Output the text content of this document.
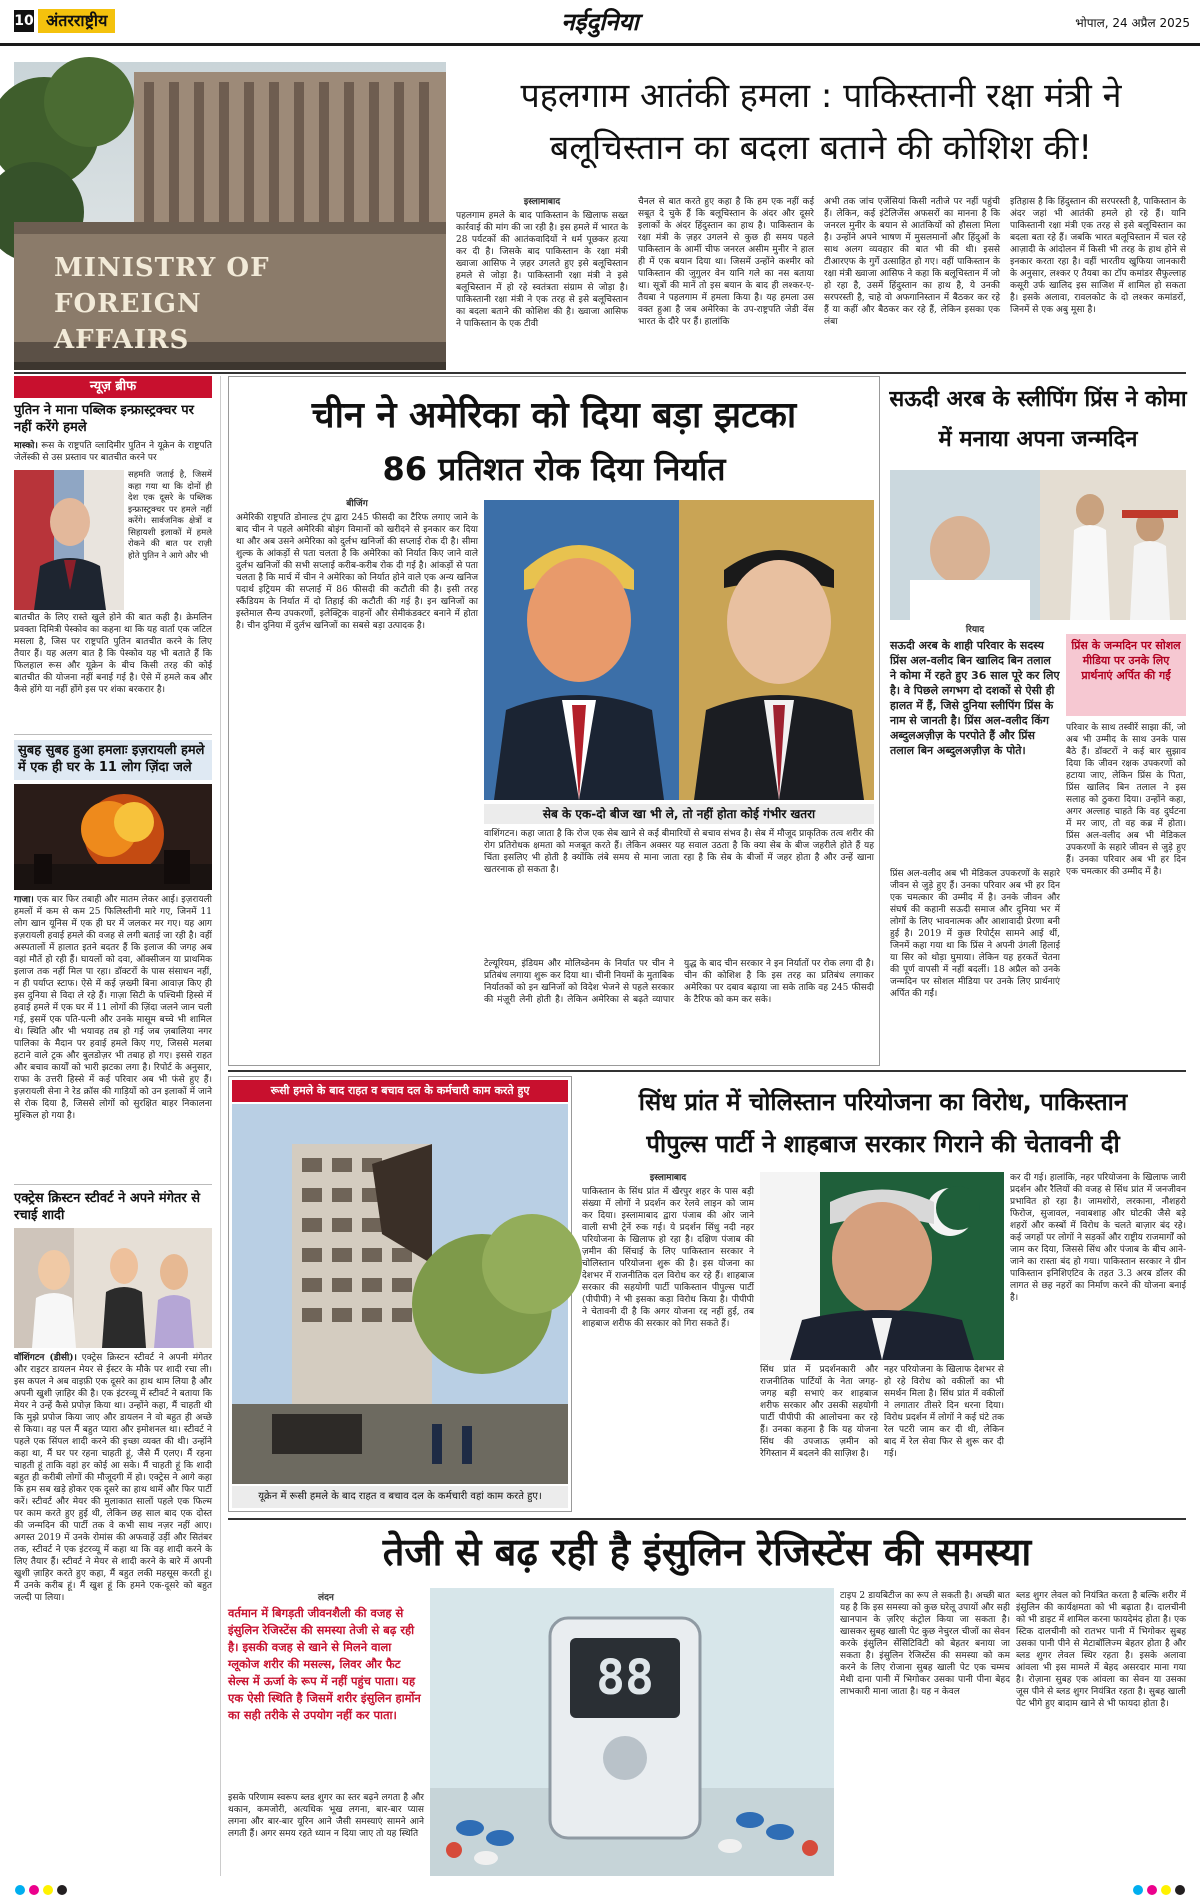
10 अंतरराष्ट्रीय	नईदुनिया	भोपाल, 24 अप्रैल 2025
MINISTRY OF FOREIGN AFFAIRS
पहलगाम आतंकी हमला : पाकिस्तानी रक्षा मंत्री ने बलूचिस्तान का बदला बताने की कोशिश की!
इस्लामाबाद

पहलगाम हमले के बाद पाकिस्तान के खिलाफ सख्त कार्रवाई की मांग की जा रही है। इस हमले में भारत के 28 पर्यटकों की आतंकवादियों ने धर्म पूछकर हत्या कर दी है। जिसके बाद पाकिस्तान के रक्षा मंत्री ख्वाजा आसिफ ने ज़हर उगलते हुए इसे बलूचिस्तान हमले से जोड़ा है। पाकिस्तानी रक्षा मंत्री ने इसे बलूचिस्तान में हो रहे स्वतंत्रता संग्राम से जोड़ा है। पाकिस्तानी रक्षा मंत्री ने एक तरह से इसे बलूचिस्तान का बदला बताने की कोशिश की है। ख्वाजा आसिफ ने पाकिस्तान के एक टीवी

चैनल से बात करते हुए कहा है कि हम एक नहीं कई सबूत दे चुके हैं कि बलूचिस्तान के अंदर और दूसरे इलाकों के अंदर हिंदुस्तान का हाथ है। पाकिस्तान के रक्षा मंत्री के ज़हर उगलने से कुछ ही समय पहले पाकिस्तान के आर्मी चीफ जनरल असीम मुनीर ने हाल ही में एक बयान दिया था। जिसमें उन्होंने कश्मीर को पाकिस्तान की जुगुलर वेन यानि गले का नस बताया था। सूत्रों की मानें तो इस बयान के बाद ही लश्कर-ए-तैयबा ने पहलगाम में हमला किया है। यह हमला उस वक्त हुआ है जब अमेरिका के उप-राष्ट्रपति जेडी वेंस भारत के दौरे पर हैं। हालांकि

अभी तक जांच एजेंसियां किसी नतीजे पर नहीं पहुंची हैं। लेकिन, कई इंटेलिजेंस अफसरों का मानना है कि जनरल मुनीर के बयान से आतंकियों को हौसला मिला है। उन्होंने अपने भाषण में मुसलमानों और हिंदुओं के साथ अलग व्यवहार की बात भी की थी। इससे टीआरएफ के गुर्गे उत्साहित हो गए। वहीं पाकिस्तान के रक्षा मंत्री ख्वाजा आसिफ ने कहा कि बलूचिस्तान में जो हो रहा है, उसमें हिंदुस्तान का हाथ है, ये उनकी सरपरस्ती है, चाहे वो अफगानिस्तान में बैठकर कर रहे हैं या कहीं और बैठकर कर रहे हैं, लेकिन इसका एक लंबा

इतिहास है कि हिंदुस्तान की सरपरस्ती है, पाकिस्तान के अंदर जहां भी आतंकी हमले हो रहे हैं। यानि पाकिस्तानी रक्षा मंत्री एक तरह से इसे बलूचिस्तान का बदला बता रहे हैं। जबकि भारत बलूचिस्तान में चल रहे आज़ादी के आंदोलन में किसी भी तरह के हाथ होने से इनकार करता रहा है। वहीं भारतीय खुफिया जानकारी के अनुसार, लश्कर ए तैयबा का टॉप कमांडर सैफुल्लाह कसूरी उर्फ खालिद इस साजिश में शामिल हो सकता है। इसके अलावा, रावलकोट के दो लश्कर कमांडरों, जिनमें से एक अबु मूसा है।

न्यूज़ ब्रीफ
पुतिन ने माना पब्लिक इन्फ्रास्ट्रक्चर पर नहीं करेंगे हमले
मास्को। रूस के राष्ट्रपति व्लादिमीर पुतिन ने यूक्रेन के राष्ट्रपति जेलेंस्की से उस प्रस्ताव पर बातचीत करने पर
सहमति जताई है, जिसमें कहा गया था कि दोनों ही देश एक दूसरे के पब्लिक इन्फ्रास्ट्रक्चर पर हमले नहीं करेंगे। सार्वजनिक क्षेत्रों व सिहायशी इलाकों में हमले रोकने की बात पर राज़ी होते पुतिन ने आगे और भी
बातचीत के लिए रास्ते खुले होने की बात कही है। क्रेमलिन प्रवक्ता दिमित्री पेस्कोव का कहना था कि यह वार्ता एक जटिल मसला है, जिस पर राष्ट्रपति पुतिन बातचीत करने के लिए तैयार हैं। यह अलग बात है कि पेस्कोव यह भी बताते हैं कि फिलहाल रूस और यूक्रेन के बीच किसी तरह की कोई बातचीत की योजना नहीं बनाई गई है। ऐसे में हमले कब और कैसे होंगे या नहीं होंगे इस पर शंका बरकरार है।
सुबह सुबह हुआ हमलाः इज़रायली हमले में एक ही घर के 11 लोग ज़िंदा जले
गाजा। एक बार फिर तबाही और मातम लेकर आई। इज़रायली हमलों में कम से कम 25 फिलिस्तीनी मारे गए, जिनमें 11 लोग खान यूनिस में एक ही घर में जलकर मर गए। यह आग इज़रायली हवाई हमले की वजह से लगी बताई जा रही है। वहीं अस्पतालों में हालात इतने बदतर हैं कि इलाज की जगह अब वहां मौतें हो रही हैं। घायलों को दवा, ऑक्सीजन या प्राथमिक इलाज तक नहीं मिल पा रहा। डॉक्टरों के पास संसाधन नहीं, न ही पर्याप्त स्टाफ। ऐसे में कई ज़ख्मी बिना आवाज़ किए ही इस दुनिया से विदा ले रहे हैं। गाज़ा सिटी के पश्चिमी हिस्से में हवाई हमले में एक घर में 11 लोगों की ज़िंदा जलने जान चली गई, इसमें एक पति-पत्नी और उनके मासूम बच्चे भी शामिल थे। स्थिति और भी भयावह तब हो गई जब ज़बालिया नगर पालिका के मैदान पर हवाई हमले किए गए, जिससे मलबा हटाने वाले ट्रक और बुलडोज़र भी तबाह हो गए। इससे राहत और बचाव कार्यों को भारी झटका लगा है। रिपोर्ट के अनुसार, राफा के उत्तरी हिस्से में कई परिवार अब भी फंसे हुए हैं। इज़रायली सेना ने रेड क्रॉस की गाड़ियों को उन इलाकों में जाने से रोक दिया है, जिससे लोगों को सुरक्षित बाहर निकालना मुश्किल हो गया है।
एक्ट्रेस क्रिस्टन स्टीवर्ट ने अपने मंगेतर से रचाई शादी
वॉशिंगटन (डीसी)। एक्ट्रेस क्रिस्टन स्टीवर्ट ने अपनी मंगेतर और राइटर डायलन मेयर से ईस्टर के मौके पर शादी रचा ली। इस कपल ने अब वाइफ़ी एक दूसरे का हाथ थाम लिया है और अपनी खुशी ज़ाहिर की है। एक इंटरव्यू में स्टीवर्ट ने बताया कि मेयर ने उन्हें कैसे प्रपोज़ किया था। उन्होंने कहा, मैं चाहती थी कि मुझे प्रपोज किया जाए और डायलन ने वो बहुत ही अच्छे से किया। वह पल मैं बहुत प्यारा और इमोशनल था। स्टीवर्ट ने पहले एक सिंपल शादी करने की इच्छा व्यक्त की थी। उन्होंने कहा था, मैं घर पर रहना चाहती हूं, जैसे मैं एलए। मैं रहना चाहती हूं ताकि वहां हर कोई आ सके। मैं चाहती हूं कि शादी बहुत ही करीबी लोगों की मौजूदगी में हो। एक्ट्रेस ने आगे कहा कि हम सब खड़े होकर एक दूसरे का हाथ थामें और फिर पार्टी करें। स्टीवर्ट और मेयर की मुलाकात सालों पहले एक फिल्म पर काम करते हुए हुई थी, लेकिन छह साल बाद एक दोस्त की जन्मदिन की पार्टी तक वे कभी साथ नज़र नहीं आए। अगस्त 2019 में उनके रोमांस की अफवाहें उड़ीं और सितंबर तक, स्टीवर्ट ने एक इंटरव्यू में कहा था कि वह शादी करने के लिए तैयार हैं। स्टीवर्ट ने मेयर से शादी करने के बारे में अपनी खुशी ज़ाहिर करते हुए कहा, मैं बहुत लकी महसूस करती हूं। मैं उनके करीब हूं। मैं खुश हूं कि हमने एक-दूसरे को बहुत जल्दी पा लिया।
चीन ने अमेरिका को दिया बड़ा झटका
86 प्रतिशत रोक दिया निर्यात
बीजिंग

अमेरिकी राष्ट्रपति डोनाल्ड ट्रंप द्वारा 245 फीसदी का टैरिफ लगाए जाने के बाद चीन ने पहले अमेरिकी बोइंग विमानों को खरीदने से इनकार कर दिया था और अब उसने अमेरिका को दुर्लभ खनिजों की सप्लाई रोक दी है। सीमा शुल्क के आंकड़ों से पता चलता है कि अमेरिका को निर्यात किए जाने वाले दुर्लभ खनिजों की सभी सप्लाई करीब-करीब रोक दी गई है। आंकड़ों से पता चलता है कि मार्च में चीन ने अमेरिका को निर्यात होने वाले एक अन्य खनिज पदार्थ इट्रियम की सप्लाई में 86 फीसदी की कटौती की है। इसी तरह स्कैंडियम के निर्यात में दो तिहाई की कटौती की गई है। इन खनिजों का इस्तेमाल सैन्य उपकरणों, इलेक्ट्रिक वाहनों और सेमीकंडक्टर बनाने में होता है। चीन दुनिया में दुर्लभ खनिजों का सबसे बड़ा उत्पादक है।

सेब के एक-दो बीज खा भी ले, तो नहीं होता कोई गंभीर खतरा
वाशिंगटन। कहा जाता है कि रोज एक सेब खाने से कई बीमारियों से बचाव संभव है। सेब में मौजूद प्राकृतिक तत्व शरीर की रोग प्रतिरोधक क्षमता को मजबूत करते हैं। लेकिन अक्सर यह सवाल उठता है कि क्या सेब के बीज जहरीले होते हैं यह चिंता इसलिए भी होती है क्योंकि लंबे समय से माना जाता रहा है कि सेब के बीजों में जहर होता है और उन्हें खाना खतरनाक हो सकता है।
टेल्यूरियम, इंडियम और मोलिब्डेनम के निर्यात पर चीन ने प्रतिबंध लगाया शुरू कर दिया था। चीनी नियमों के मुताबिक निर्यातकों को इन खनिजों को विदेश भेजने से पहले सरकार की मंज़ूरी लेनी होती है। लेकिन अमेरिका से बढ़ते व्यापार युद्ध के बाद चीन सरकार ने इन निर्यातों पर रोक लगा दी है। चीन की कोशिश है कि इस तरह का प्रतिबंध लगाकर अमेरिका पर दबाव बढ़ाया जा सके ताकि वह 245 फीसदी के टैरिफ को कम कर सके।
सऊदी अरब के स्लीपिंग प्रिंस ने कोमा में मनाया अपना जन्मदिन
रियाद

सऊदी अरब के शाही परिवार के सदस्य प्रिंस अल-वलीद बिन खालिद बिन तलाल ने कोमा में रहते हुए 36 साल पूरे कर लिए है। वे पिछले लगभग दो दशकों से ऐसी ही हालत में हैं, जिसे दुनिया स्लीपिंग प्रिंस के नाम से जानती है। प्रिंस अल-वलीद किंग अब्दुलअज़ीज़ के परपोते हैं और प्रिंस तलाल बिन अब्दुलअज़ीज़ के पोते।

प्रिंस के जन्मदिन पर सोशल मीडिया पर उनके लिए प्रार्थनाएं अर्पित की गईं
परिवार के साथ तस्वीरें साझा कीं, जो अब भी उम्मीद के साथ उनके पास बैठे हैं। डॉक्टरों ने कई बार सुझाव दिया कि जीवन रक्षक उपकरणों को हटाया जाए, लेकिन प्रिंस के पिता, प्रिंस खालिद बिन तलाल ने इस सलाह को ठुकरा दिया। उन्होंने कहा, अगर अल्लाह चाहते कि वह दुर्घटना में मर जाए, तो वह कब्र में होता। प्रिंस अल-वलीद अब भी मेडिकल उपकरणों के सहारे जीवन से जुड़े हुए हैं। उनका परिवार अब भी हर दिन एक चमत्कार की उम्मीद में है।
प्रिंस अल-वलीद अब भी मेडिकल उपकरणों के सहारे जीवन से जुड़े हुए हैं। उनका परिवार अब भी हर दिन एक चमत्कार की उम्मीद में है। उनके जीवन और संघर्ष की कहानी सऊदी समाज और दुनिया भर में लोगों के लिए भावनात्मक और आशावादी प्रेरणा बनी हुई है। 2019 में कुछ रिपोर्ट्स सामने आई थीं, जिनमें कहा गया था कि प्रिंस ने अपनी उंगली हिलाई या सिर को थोड़ा घुमाया। लेकिन यह हरकतें चेतना की पूर्ण वापसी में नहीं बदलीं। 18 अप्रैल को उनके जन्मदिन पर सोशल मीडिया पर उनके लिए प्रार्थनाएं अर्पित की गईं।
रूसी हमले के बाद राहत व बचाव दल के कर्मचारी काम करते हुए
यूक्रेन में रूसी हमले के बाद राहत व बचाव दल के कर्मचारी वहां काम करते हुए।
सिंध प्रांत में चोलिस्तान परियोजना का विरोध, पाकिस्तान
पीपुल्स पार्टी ने शाहबाज सरकार गिराने की चेतावनी दी
इस्लामाबाद

पाकिस्तान के सिंध प्रांत में खैरपुर शहर के पास बड़ी संख्या में लोगों ने प्रदर्शन कर रेलवे लाइन को जाम कर दिया। इस्लामाबाद द्वारा पंजाब की ओर जाने वाली सभी ट्रेनें रुक गई। ये प्रदर्शन सिंधु नदी नहर परियोजना के खिलाफ हो रहा है। दक्षिण पंजाब की ज़मीन की सिंचाई के लिए पाकिस्तान सरकार ने चोलिस्तान परियोजना शुरू की है। इस योजना का देशभर में राजनीतिक दल विरोध कर रहे हैं। शाहबाज सरकार की सहयोगी पार्टी पाकिस्तान पीपुल्स पार्टी (पीपीपी) ने भी इसका कड़ा विरोध किया है। पीपीपी ने चेतावनी दी है कि अगर योजना रद्द नहीं हुई, तब शाहबाज शरीफ की सरकार को गिरा सकते हैं।

सिंध प्रांत में प्रदर्शनकारी और राजनीतिक पार्टियों के नेता जगह-जगह बड़ी सभाएं कर शाहबाज शरीफ सरकार और उसकी सहयोगी पार्टी पीपीपी की आलोचना कर रहे हैं। उनका कहना है कि यह योजना सिंध की उपजाऊ ज़मीन को रेगिस्तान में बदलने की साज़िश है।
नहर परियोजना के खिलाफ देशभर से हो रहे विरोध को वकीलों का भी समर्थन मिला है। सिंध प्रांत में वकीलों ने लगातार तीसरे दिन धरना दिया। विरोध प्रदर्शन में लोगों ने कई घंटे तक रेल पटरी जाम कर दी थी, लेकिन बाद में रेल सेवा फिर से शुरू कर दी गई।
कर दी गई। हालांकि, नहर परियोजना के खिलाफ जारी प्रदर्शन और रैलियों की वजह से सिंध प्रांत में जनजीवन प्रभावित हो रहा है। जामशोरो, लरकाना, नौशहरो फिरोज, सुजावल, नवाबशाह और घोटकी जैसे बड़े शहरों और कस्बों में विरोध के चलते बाज़ार बंद रहे। कई जगहों पर लोगों ने सड़कों और राष्ट्रीय राजमार्गों को जाम कर दिया, जिससे सिंध और पंजाब के बीच आने-जाने का रास्ता बंद हो गया। पाकिस्तान सरकार ने ग्रीन पाकिस्तान इनिशिएटिव के तहत 3.3 अरब डॉलर की लागत से छह नहरों का निर्माण करने की योजना बनाई है।
तेजी से बढ़ रही है इंसुलिन रेजिस्टेंस की समस्या
लंदन

वर्तमान में बिगड़ती जीवनशैली की वजह से इंसुलिन रेजिस्टेंस की समस्या तेजी से बढ़ रही है। इसकी वजह से खाने से मिलने वाला ग्लूकोज शरीर की मसल्स, लिवर और फैट सेल्स में ऊर्जा के रूप में नहीं पहुंच पाता। यह एक ऐसी स्थिति है जिसमें शरीर इंसुलिन हार्मोन का सही तरीके से उपयोग नहीं कर पाता।

इसके परिणाम स्वरूप ब्लड शुगर का स्तर बढ़ने लगता है और थकान, कमजोरी, अत्यधिक भूख लगना, बार-बार प्यास लगना और बार-बार यूरिन आने जैसी समस्याएं सामने आने लगती हैं। अगर समय रहते ध्यान न दिया जाए तो यह स्थिति
88
टाइप 2 डायबिटीज का रूप ले सकती है। अच्छी बात यह है कि इस समस्या को कुछ घरेलू उपायों और सही खानपान के ज़रिए कंट्रोल किया जा सकता है। खासकर सुबह खाली पेट कुछ नेचुरल चीजों का सेवन करके इंसुलिन सेंसिटिविटी को बेहतर बनाया जा सकता है। इंसुलिन रेजिस्टेंस की समस्या को कम करने के लिए रोजाना सुबह खाली पेट एक चम्मच मेथी दाना पानी में भिगोकर उसका पानी पीना बेहद लाभकारी माना जाता है। यह न केवल
ब्लड शुगर लेवल को नियंत्रित करता है बल्कि शरीर में इंसुलिन की कार्यक्षमता को भी बढ़ाता है। दालचीनी को भी डाइट में शामिल करना फायदेमंद होता है। एक स्टिक दालचीनी को रातभर पानी में भिगोकर सुबह उसका पानी पीने से मेटाबॉलिज्म बेहतर होता है और ब्लड शुगर लेवल स्थिर रहता है। इसके अलावा आंवला भी इस मामले में बेहद असरदार माना गया है। रोज़ाना सुबह एक आंवला का सेवन या उसका जूस पीने से ब्लड शुगर नियंत्रित रहता है। सुबह खाली पेट भीगे हुए बादाम खाने से भी फायदा होता है।
